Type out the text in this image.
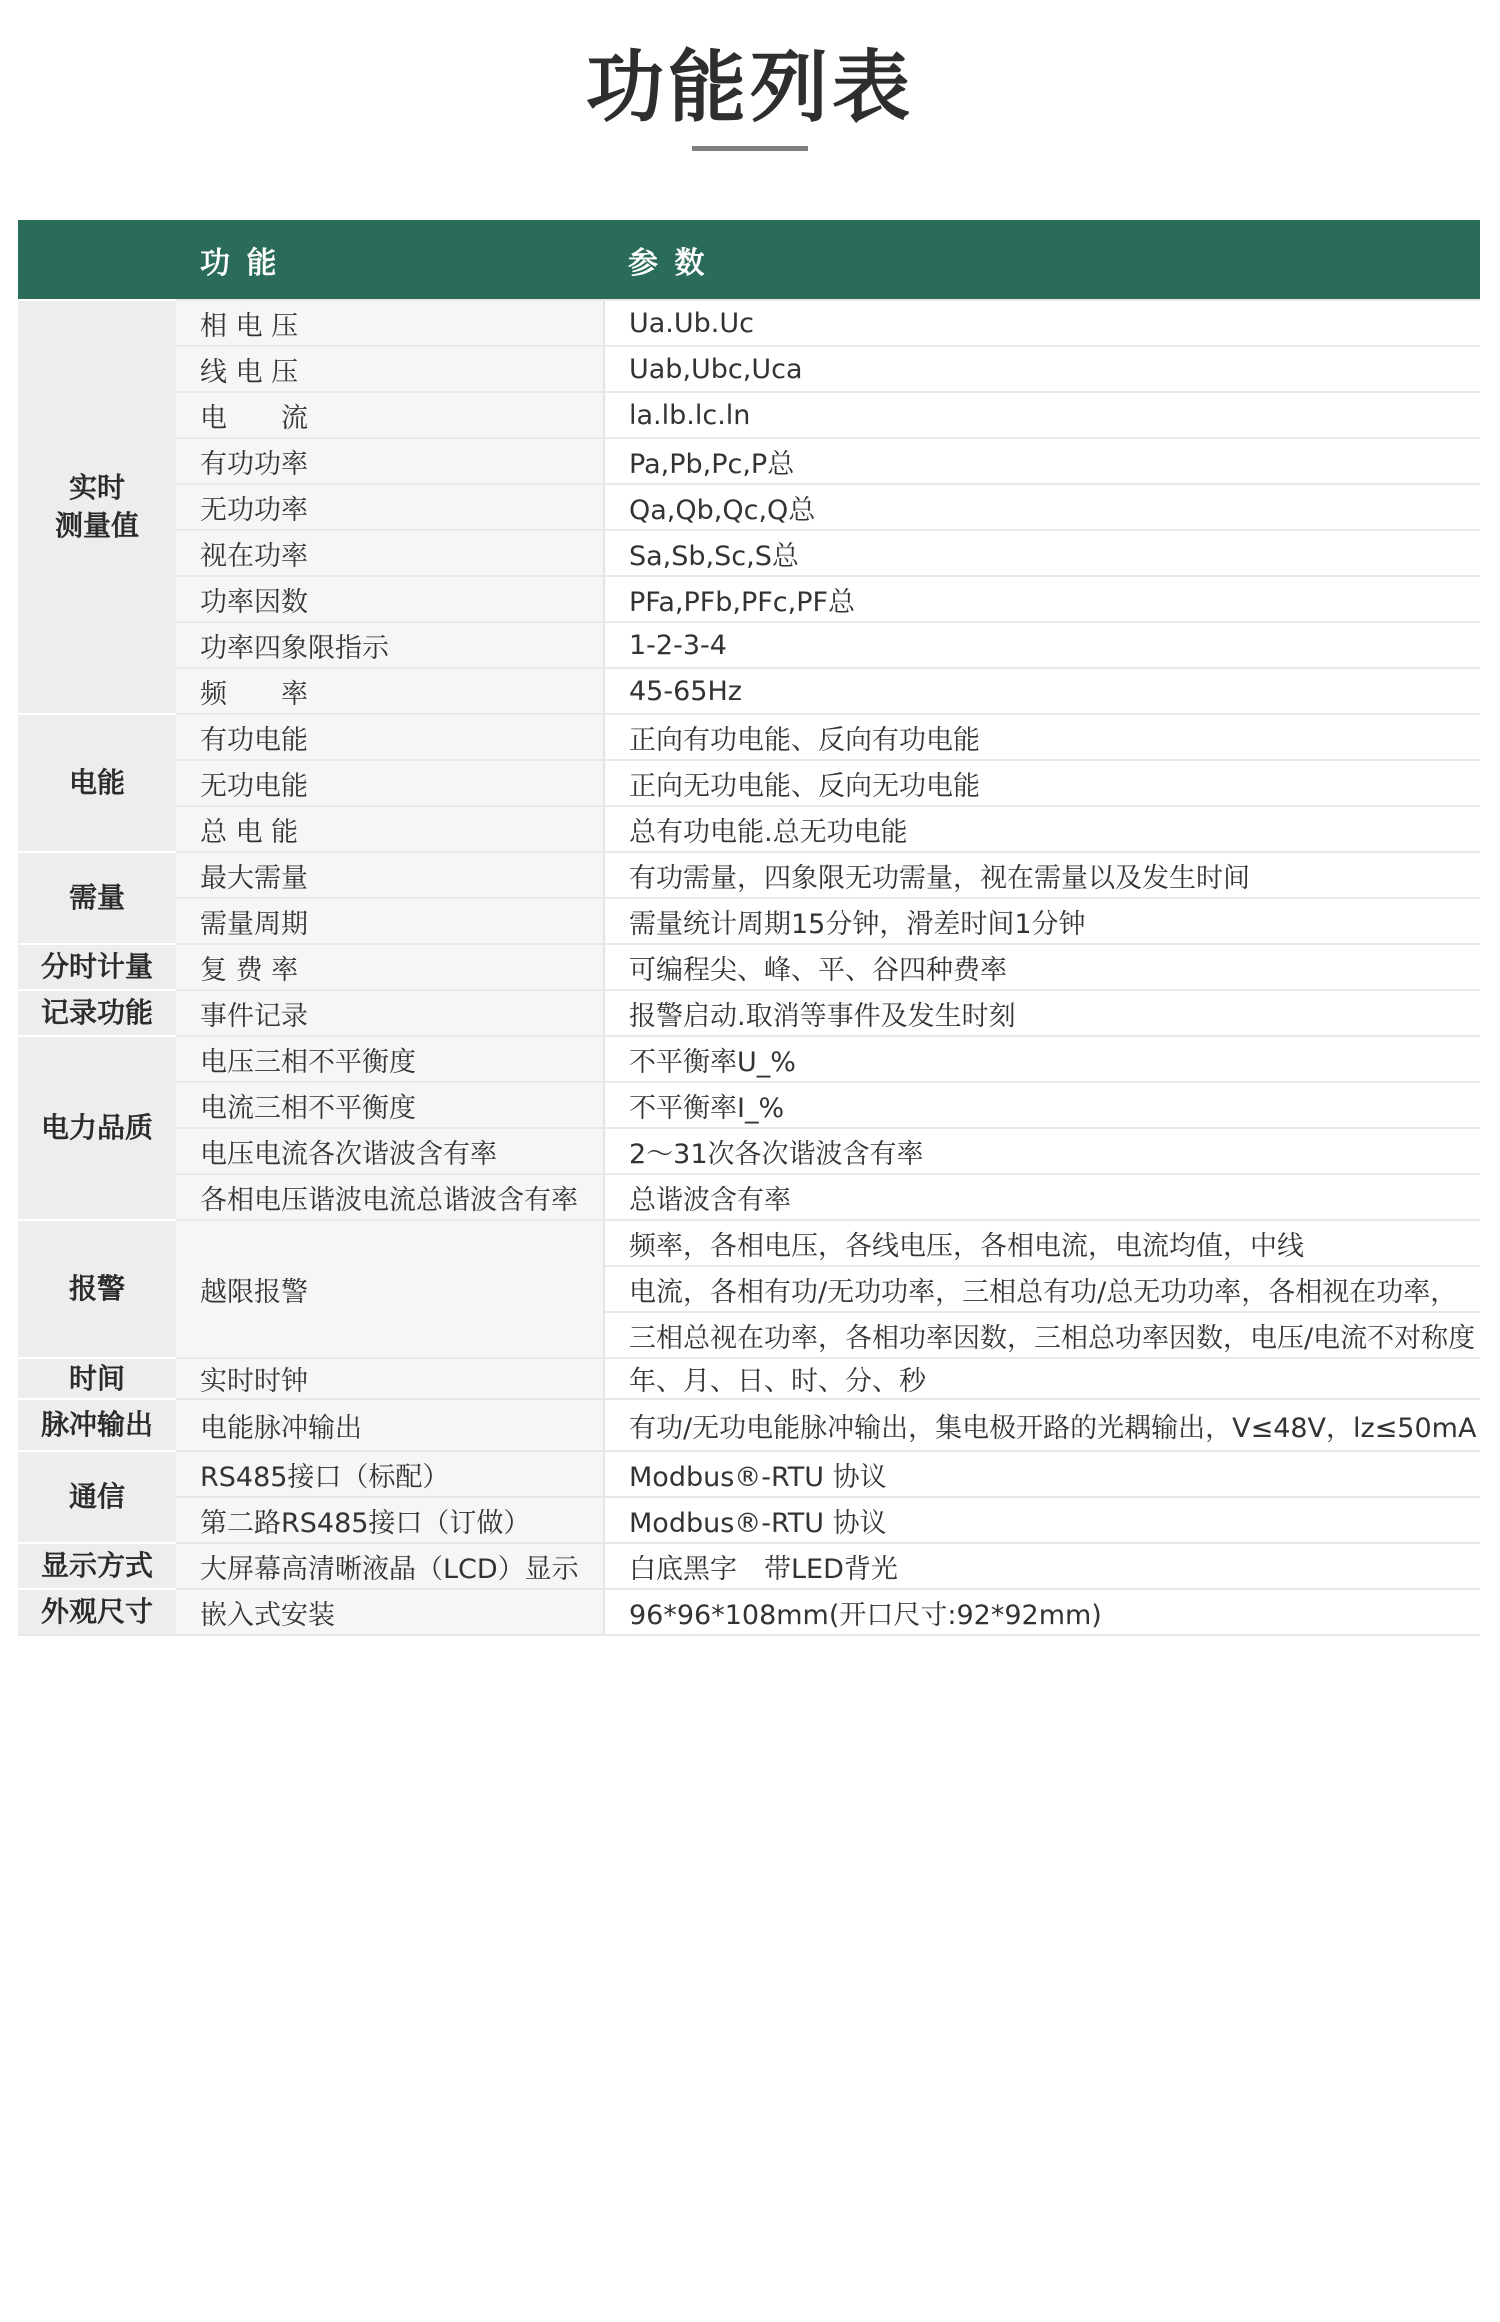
功能列表
	功 能	参 数
实时
测量值	相 电 压	Ua.Ub.Uc
	线 电 压	Uab,Ubc,Uca
	电　　流	la.lb.lc.ln
	有功功率	Pa,Pb,Pc,P总
	无功功率	Qa,Qb,Qc,Q总
	视在功率	Sa,Sb,Sc,S总
	功率因数	PFa,PFb,PFc,PF总
	功率四象限指示	1-2-3-4
	频　　率	45-65Hz
电能	有功电能	正向有功电能、反向有功电能
	无功电能	正向无功电能、反向无功电能
	总 电 能	总有功电能.总无功电能
需量	最大需量	有功需量，四象限无功需量，视在需量以及发生时间
	需量周期	需量统计周期15分钟，滑差时间1分钟
分时计量	复 费 率	可编程尖、峰、平、谷四种费率
记录功能	事件记录	报警启动.取消等事件及发生时刻
电力品质	电压三相不平衡度	不平衡率U_%
	电流三相不平衡度	不平衡率I_%
	电压电流各次谐波含有率	2～31次各次谐波含有率
	各相电压谐波电流总谐波含有率	总谐波含有率
报警	越限报警	频率，各相电压，各线电压，各相电流，电流均值，中线
		电流，各相有功/无功功率，三相总有功/总无功功率，各相视在功率，
		三相总视在功率，各相功率因数，三相总功率因数，电压/电流不对称度
时间	实时时钟	年、月、日、时、分、秒
脉冲输出	电能脉冲输出	有功/无功电能脉冲输出，集电极开路的光耦输出，V≤48V，lz≤50mA
通信	RS485接口（标配）	Modbus®-RTU 协议
	第二路RS485接口（订做）	Modbus®-RTU 协议
显示方式	大屏幕高清晰液晶（LCD）显示	白底黑字　带LED背光
外观尺寸	嵌入式安装	96*96*108mm(开口尺寸:92*92mm)
